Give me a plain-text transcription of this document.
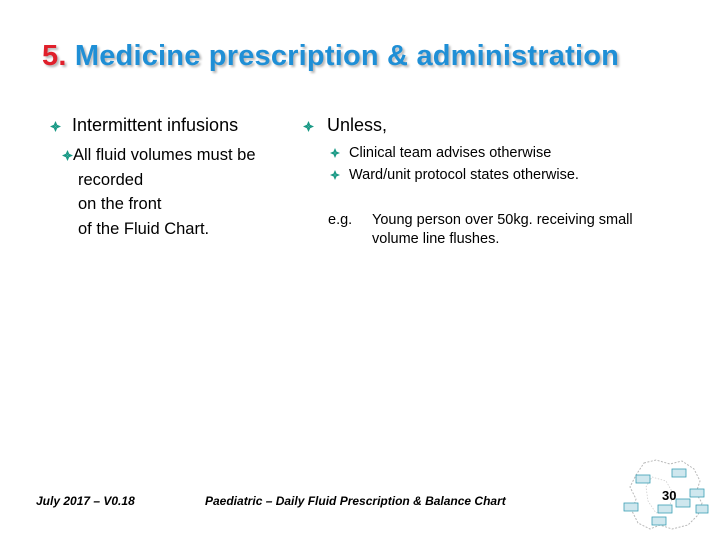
5. Medicine prescription & administration
Intermittent infusions
All fluid volumes must be
recorded
on the front
of the Fluid Chart.
Unless,
Clinical team advises otherwise
Ward/unit protocol states otherwise.
e.g. Young person over 50kg. receiving small volume line flushes.
July 2017 – V0.18	Paediatric – Daily Fluid Prescription & Balance Chart	30
